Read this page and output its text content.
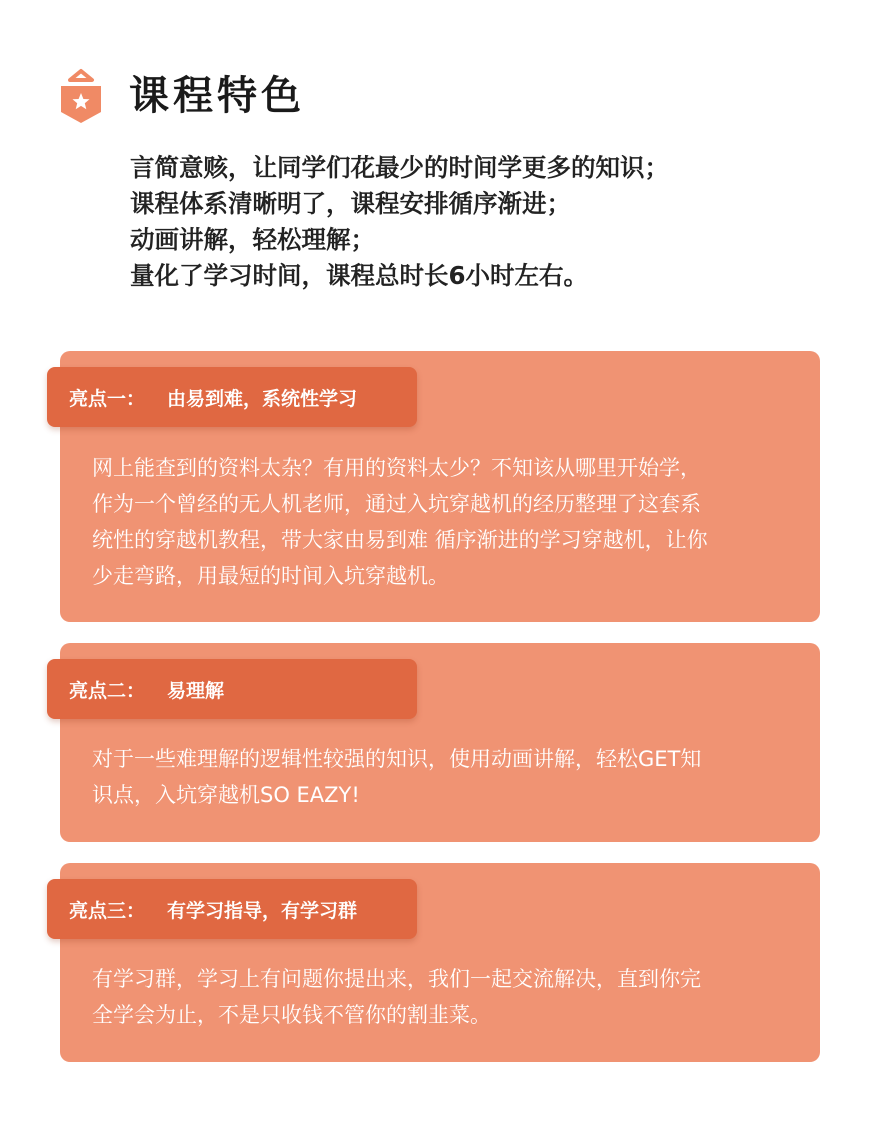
课程特色
言简意赅，让同学们花最少的时间学更多的知识；
课程体系清晰明了，课程安排循序渐进；
动画讲解，轻松理解；
量化了学习时间，课程总时长6小时左右。
亮点一：	由易到难，系统性学习
网上能查到的资料太杂？有用的资料太少？不知该从哪里开始学，
作为一个曾经的无人机老师，通过入坑穿越机的经历整理了这套系
统性的穿越机教程，带大家由易到难 循序渐进的学习穿越机，让你
少走弯路，用最短的时间入坑穿越机。
亮点二：	易理解
对于一些难理解的逻辑性较强的知识，使用动画讲解，轻松GET知
识点，入坑穿越机SO EAZY!
亮点三：	有学习指导，有学习群
有学习群，学习上有问题你提出来，我们一起交流解决，直到你完
全学会为止，不是只收钱不管你的割韭菜。
